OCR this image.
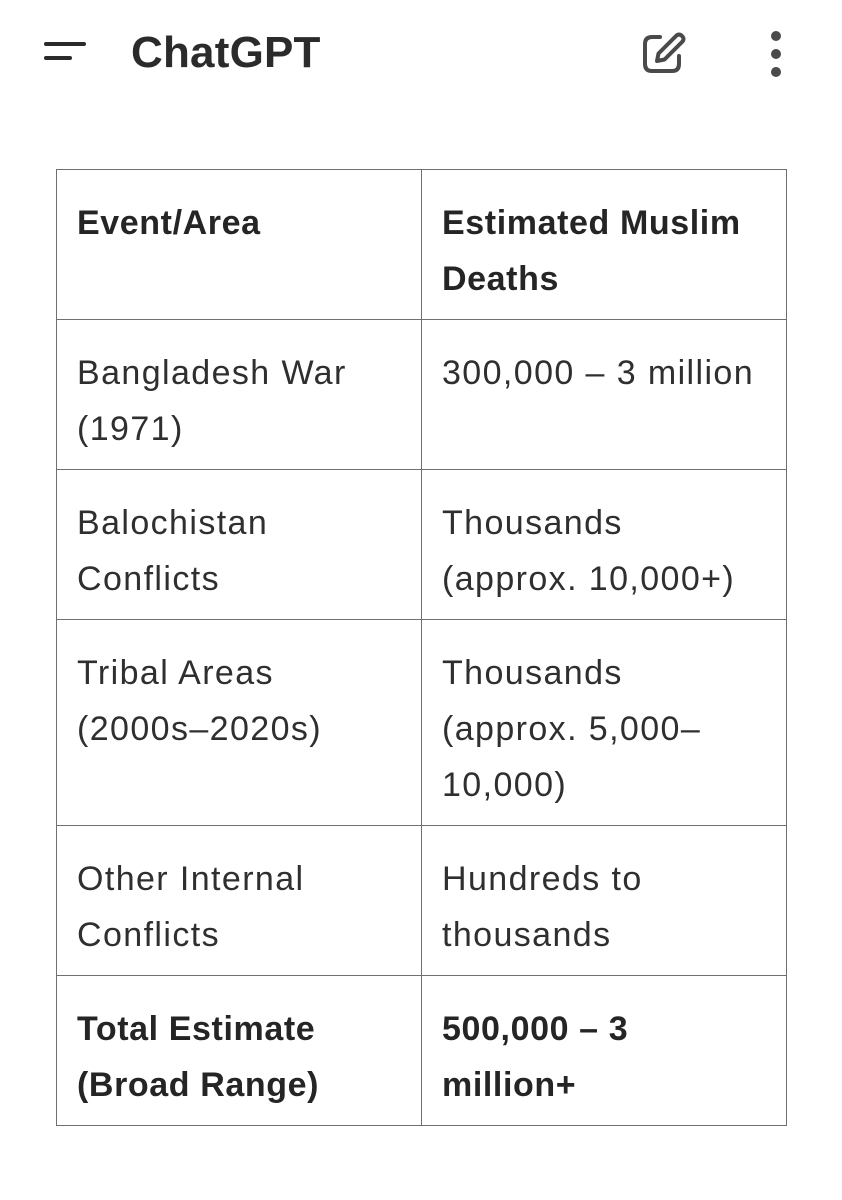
ChatGPT
Event/Area	Estimated Muslim Deaths
Bangladesh War (1971)	300,000 – 3 million
Balochistan Conflicts	Thousands (approx. 10,000+)
Tribal Areas (2000s–2020s)	Thousands (approx. 5,000–10,000)
Other Internal Conflicts	Hundreds to thousands
Total Estimate (Broad Range)	500,000 – 3 million+
